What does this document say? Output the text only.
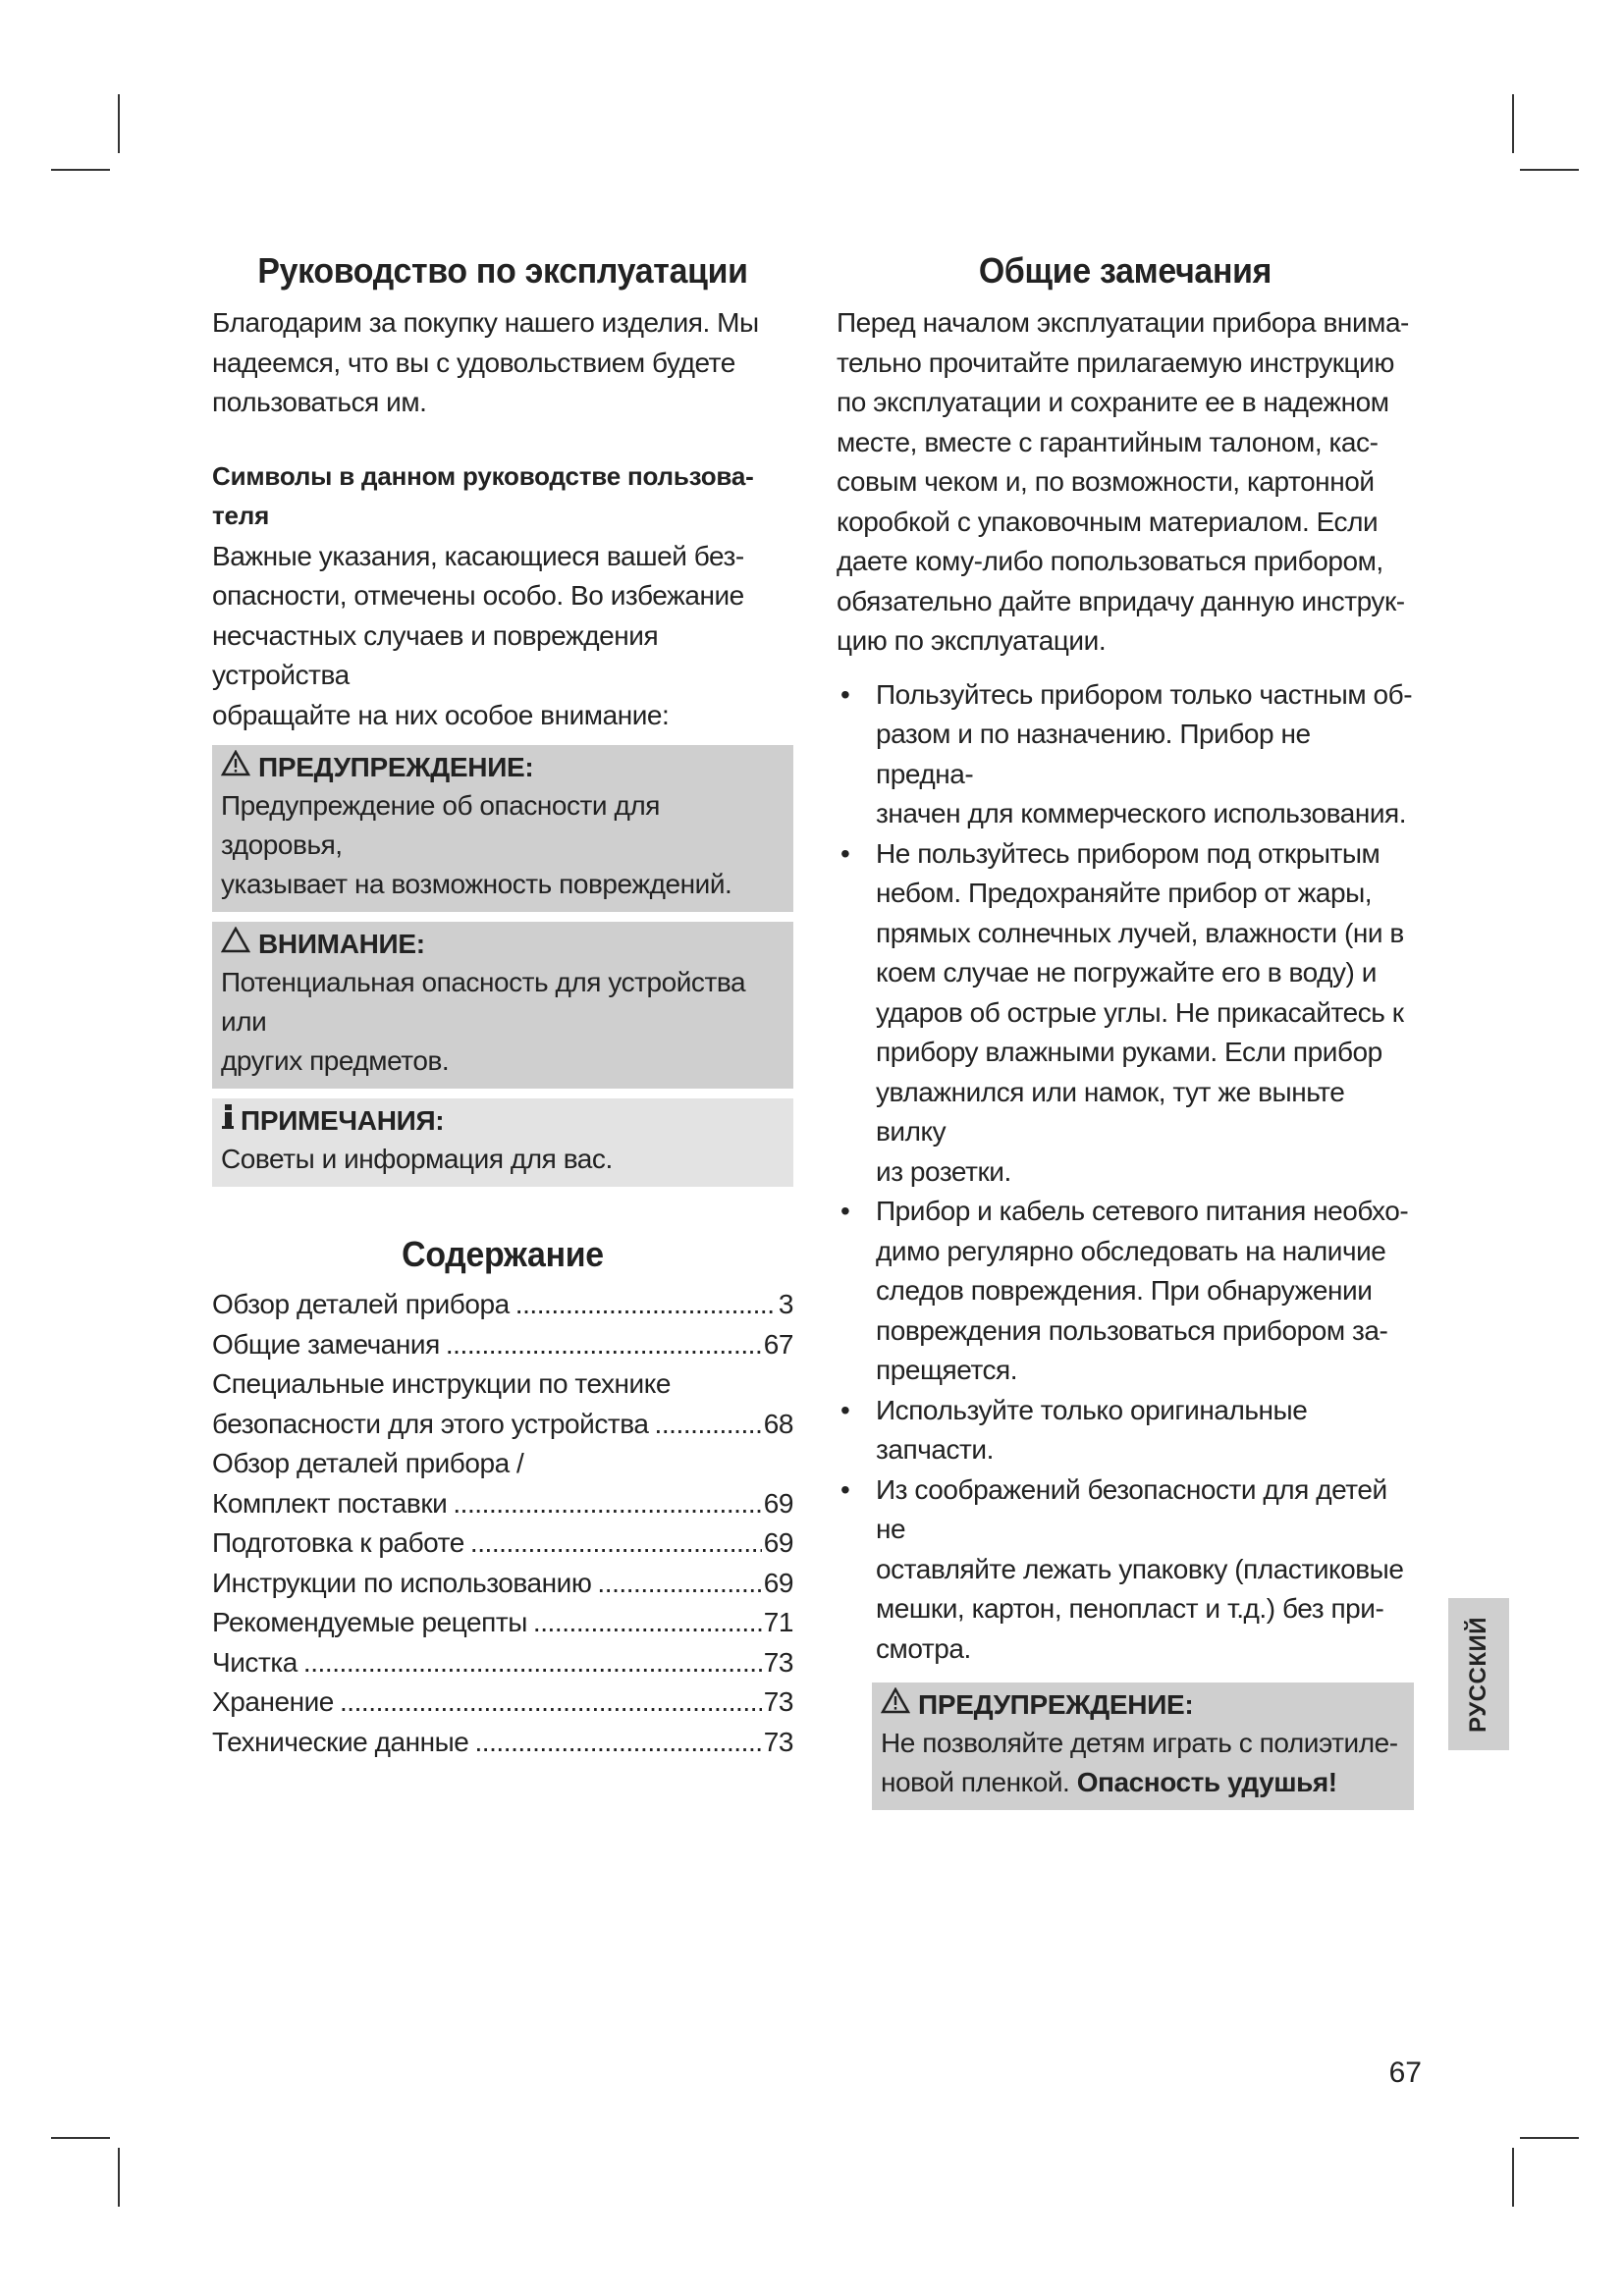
Руководство по эксплуатации

Благодарим за покупку нашего изделия. Мы
надеемся, что вы с удовольствием будете
пользоваться им.

Символы в данном руководстве пользова-
теля

Важные указания, касающиеся вашей без-
опасности, отмечены особо. Во избежание
несчастных случаев и повреждения устройства
обращайте на них особое внимание:

ПРЕДУПРЕЖДЕНИЕ:
Предупреждение об опасности для здоровья,
указывает на возможность повреждений.
ВНИМАНИЕ:
Потенциальная опасность для устройства или
других предметов.
ПРИМЕЧАНИЯ:
Советы и информация для вас.
Содержание
Обзор деталей прибора .....	3
Общие замечания .....	67
Специальные инструкции по технике
безопасности для этого устройства .....	68
Обзор деталей прибора /
Комплект поставки .....	69
Подготовка к работе .....	69
Инструкции по использованию .....	69
Рекомендуемые рецепты .....	71
Чистка .....	73
Хранение .....	73
Технические данные .....	73
Общие замечания

Перед началом эксплуатации прибора внима-
тельно прочитайте прилагаемую инструкцию
по эксплуатации и сохраните ее в надежном
месте, вместе с гарантийным талоном, кас-
совым чеком и, по возможности, картонной
коробкой с упаковочным материалом. Если
даете кому-либо попользоваться прибором,
обязательно дайте впридачу данную инструк-
цию по эксплуатации.

• Пользуйтесь прибором только частным об-
разом и по назначению. Прибор не предна-
значен для коммерческого использования.
• Не пользуйтесь прибором под открытым
небом. Предохраняйте прибор от жары,
прямых солнечных лучей, влажности (ни в
коем случае не погружайте его в воду) и
ударов об острые углы. Не прикасайтесь к
прибору влажными руками. Если прибор
увлажнился или намок, тут же выньте вилку
из розетки.
• Прибор и кабель сетевого питания необхо-
димо регулярно обследовать на наличие
следов повреждения. При обнаружении
повреждения пользоваться прибором за-
прещяется.
• Используйте только оригинальные запчасти.
• Из соображений безопасности для детей не
оставляйте лежать упаковку (пластиковые
мешки, картон, пенопласт и т.д.) без при-
смотра.
ПРЕДУПРЕЖДЕНИЕ:
Не позволяйте детям играть с полиэтиле-
новой пленкой. Опасность удушья!
РУССКИЙ
67
